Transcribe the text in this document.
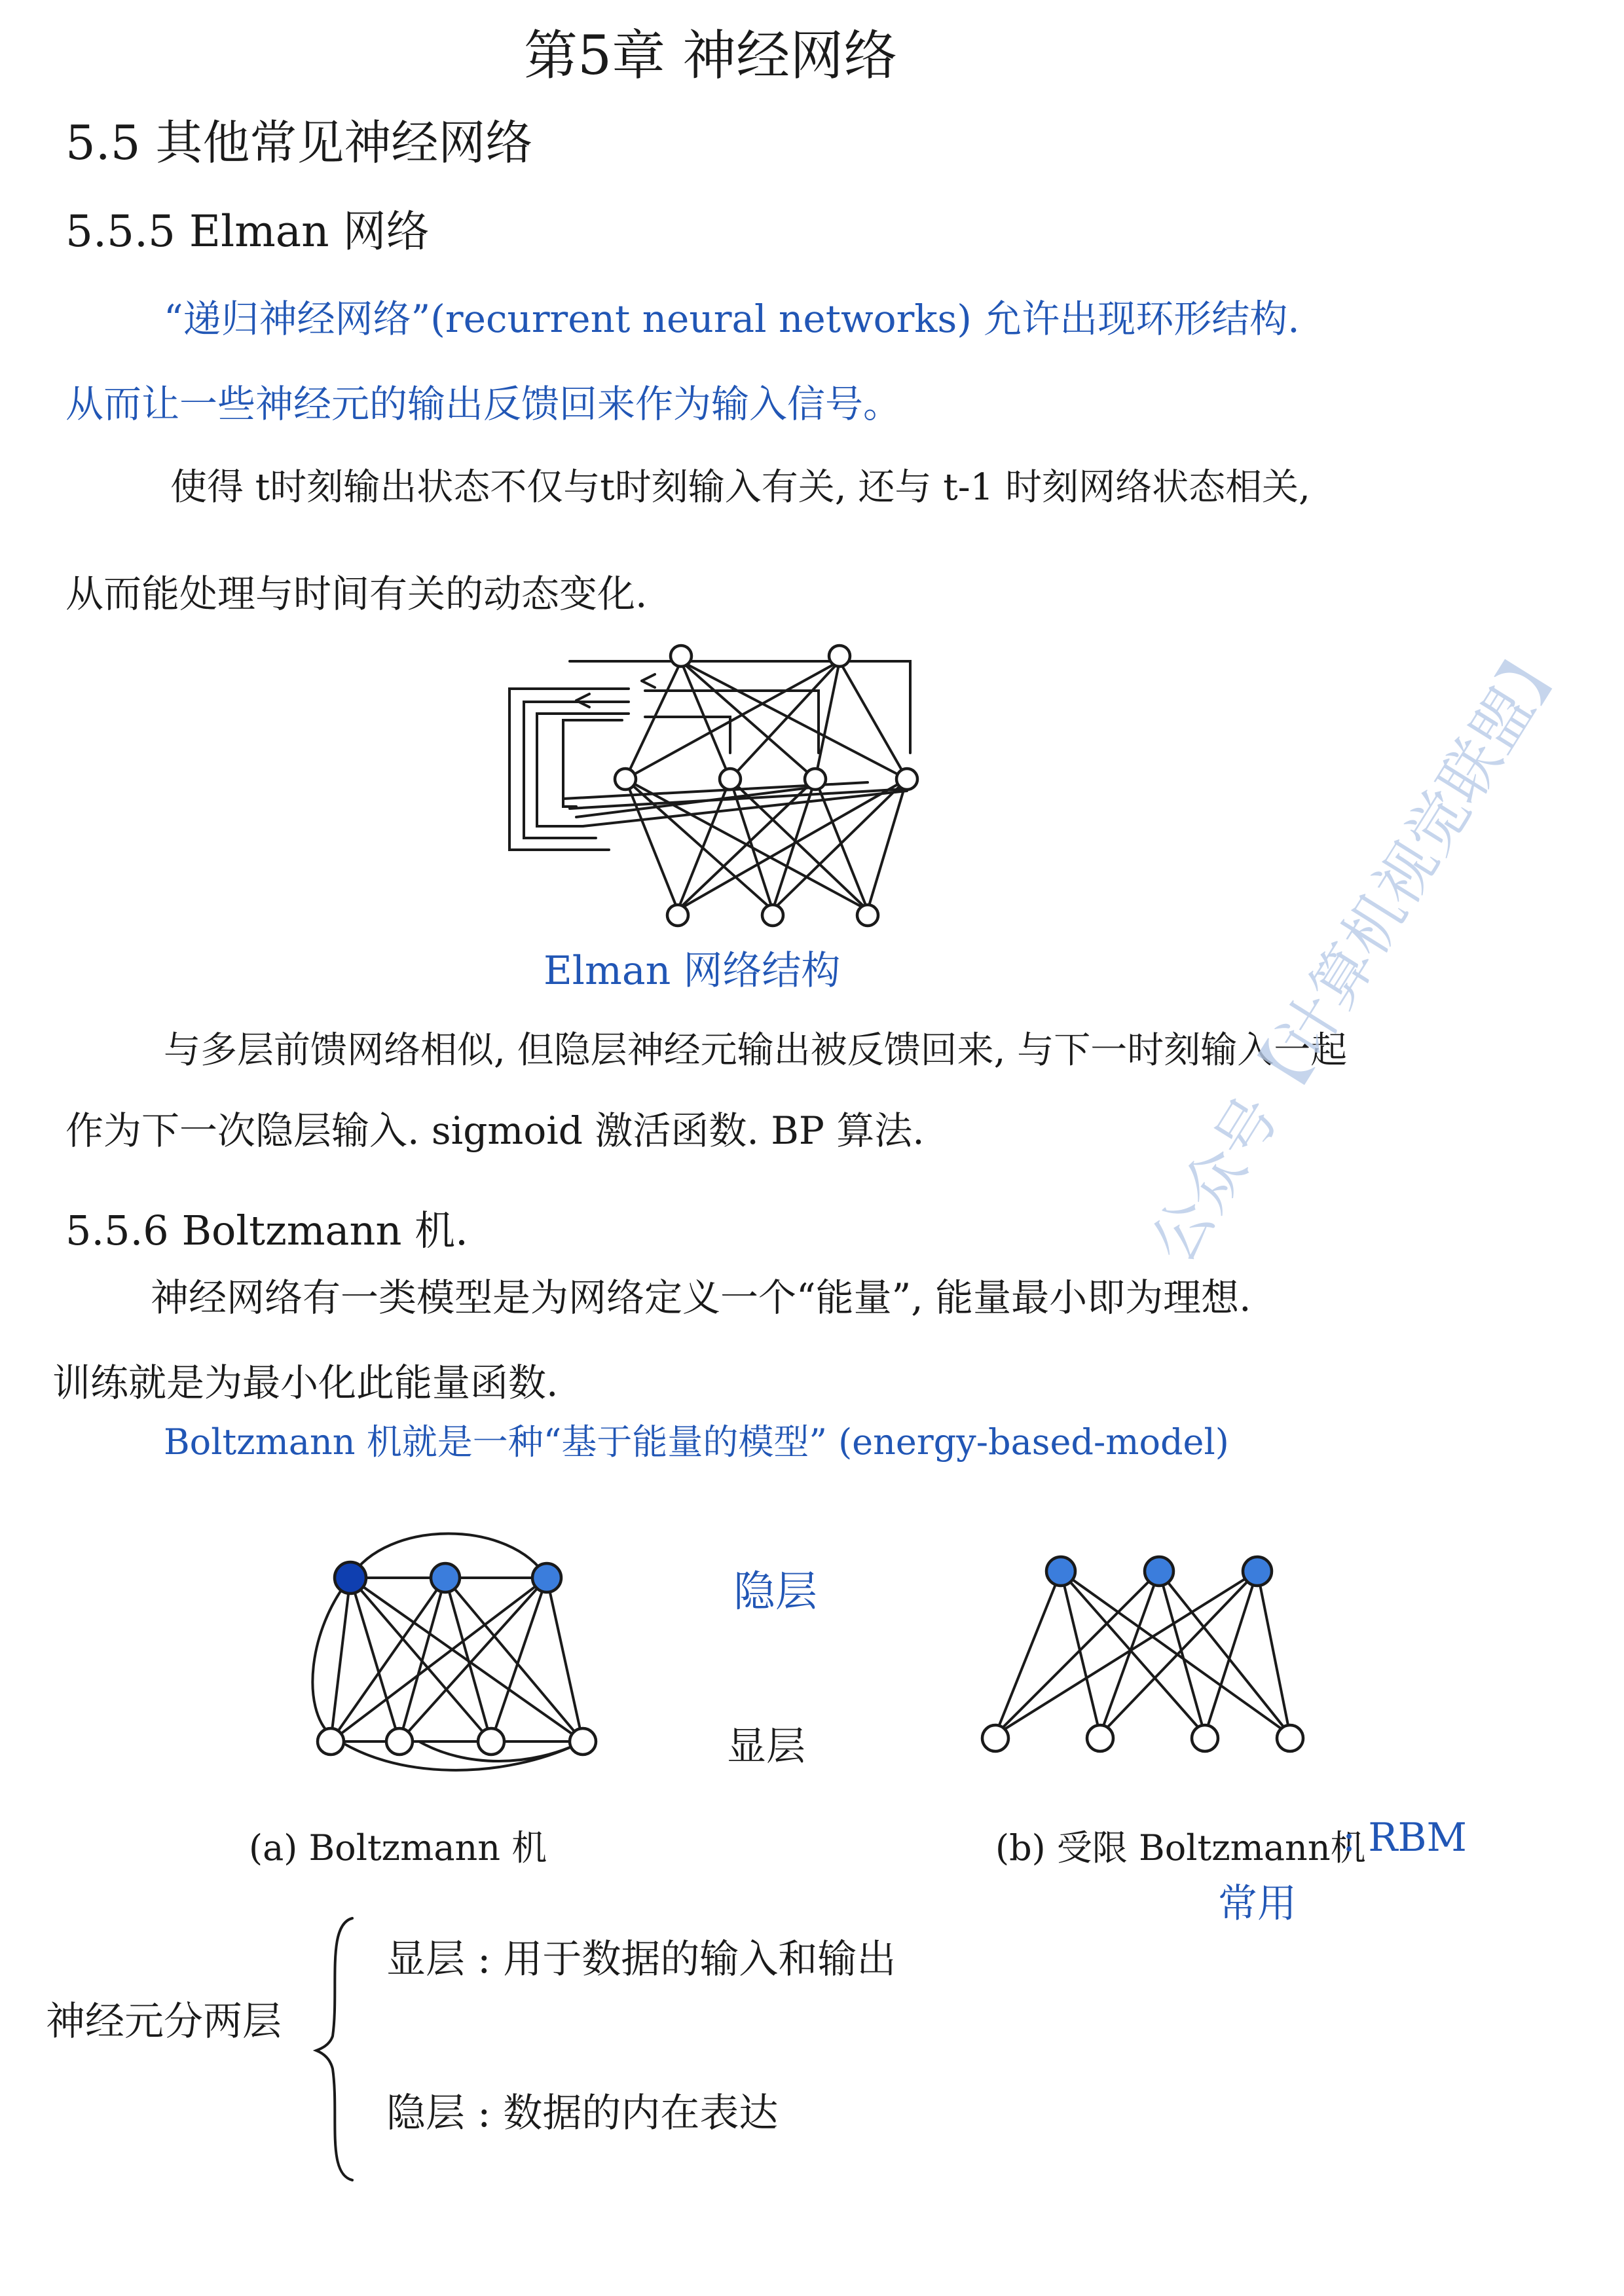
第5章 神经网络
5.5 其他常见神经网络
5.5.5 Elman 网络
“递归神经网络”(recurrent neural networks) 允许出现环形结构.
从而让一些神经元的输出反馈回来作为输入信号。
使得 t时刻输出状态不仅与t时刻输入有关, 还与 t-1 时刻网络状态相关,
从而能处理与时间有关的动态变化.
Elman 网络结构
与多层前馈网络相似, 但隐层神经元输出被反馈回来, 与下一时刻输入一起
作为下一次隐层输入. sigmoid 激活函数. BP 算法.
5.5.6 Boltzmann 机.
神经网络有一类模型是为网络定义一个“能量”, 能量最小即为理想.
训练就是为最小化此能量函数.
Boltzmann 机就是一种“基于能量的模型” (energy-based-model)
隐层
显层
(a) Boltzmann 机	(b) 受限 Boltzmann机
: RBM
常用
神经元分两层
显层 : 用于数据的输入和输出
隐层 : 数据的内在表达
公众号【计算机视觉联盟】
